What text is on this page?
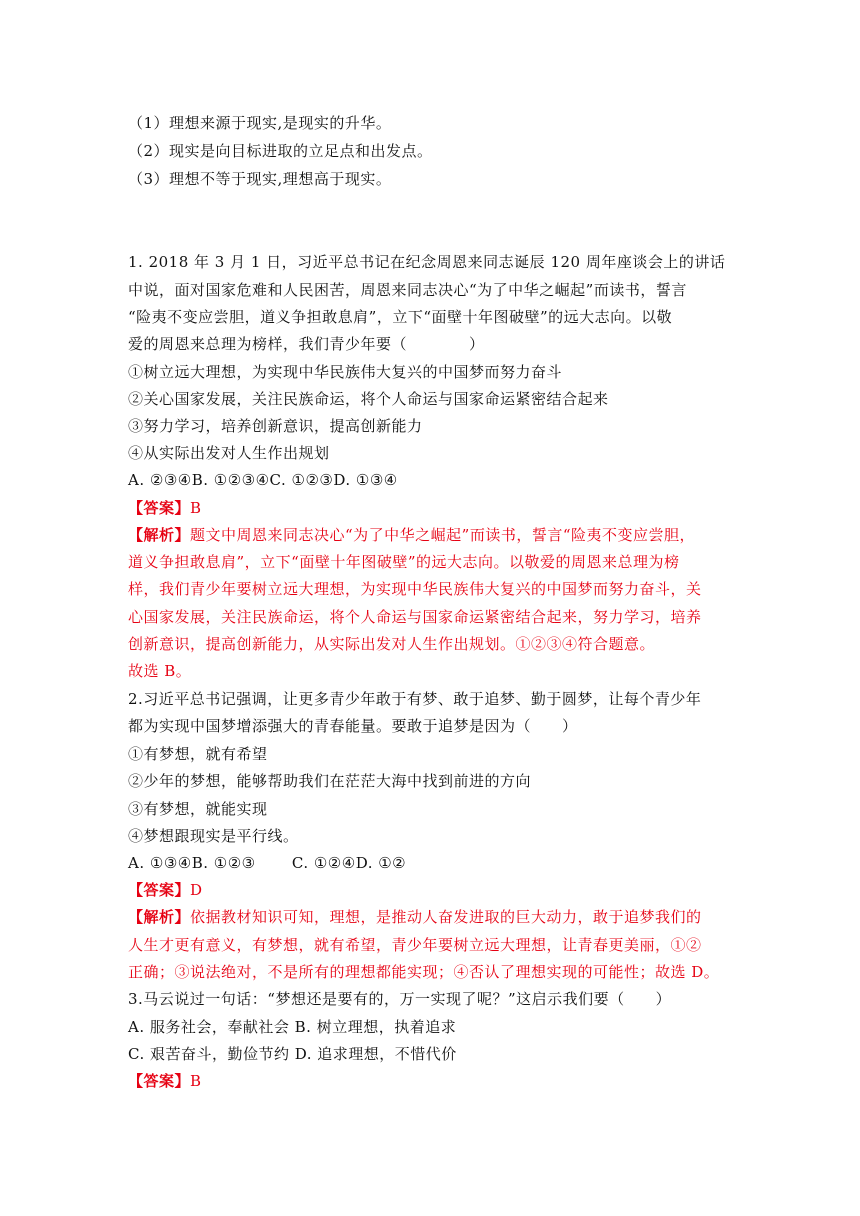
（1）理想来源于现实,是现实的升华。
（2）现实是向目标进取的立足点和出发点。
（3）理想不等于现实,理想高于现实。
1. 2018 年 3 月 1 日，习近平总书记在纪念周恩来同志诞辰 120 周年座谈会上的讲话
中说，面对国家危难和人民困苦，周恩来同志决心“为了中华之崛起”而读书，誓言
“险夷不变应尝胆，道义争担敢息肩”，立下“面壁十年图破壁”的远大志向。以敬
爱的周恩来总理为榜样，我们青少年要（　　　　）
①树立远大理想，为实现中华民族伟大复兴的中国梦而努力奋斗
②关心国家发展，关注民族命运，将个人命运与国家命运紧密结合起来
③努力学习，培养创新意识，提高创新能力
④从实际出发对人生作出规划
A. ②③④B. ①②③④C. ①②③D. ①③④
【答案】B
【解析】题文中周恩来同志决心“为了中华之崛起”而读书，誓言“险夷不变应尝胆，
道义争担敢息肩”，立下“面壁十年图破壁”的远大志向。以敬爱的周恩来总理为榜
样，我们青少年要树立远大理想，为实现中华民族伟大复兴的中国梦而努力奋斗，关
心国家发展，关注民族命运，将个人命运与国家命运紧密结合起来，努力学习，培养
创新意识，提高创新能力，从实际出发对人生作出规划。①②③④符合题意。
故选 B。
2.习近平总书记强调，让更多青少年敢于有梦、敢于追梦、勤于圆梦，让每个青少年
都为实现中国梦增添强大的青春能量。要敢于追梦是因为（　　）
①有梦想，就有希望
②少年的梦想，能够帮助我们在茫茫大海中找到前进的方向
③有梦想，就能实现
④梦想跟现实是平行线。
A. ①③④B. ①②③　　 C. ①②④D. ①②
【答案】D
【解析】依据教材知识可知，理想，是推动人奋发进取的巨大动力，敢于追梦我们的
人生才更有意义，有梦想，就有希望，青少年要树立远大理想，让青春更美丽，①②
正确；③说法绝对，不是所有的理想都能实现；④否认了理想实现的可能性；故选 D。
3.马云说过一句话：“梦想还是要有的，万一实现了呢？”这启示我们要（　　）
A. 服务社会，奉献社会 B. 树立理想，执着追求
C. 艰苦奋斗，勤俭节约 D. 追求理想，不惜代价
【答案】B
